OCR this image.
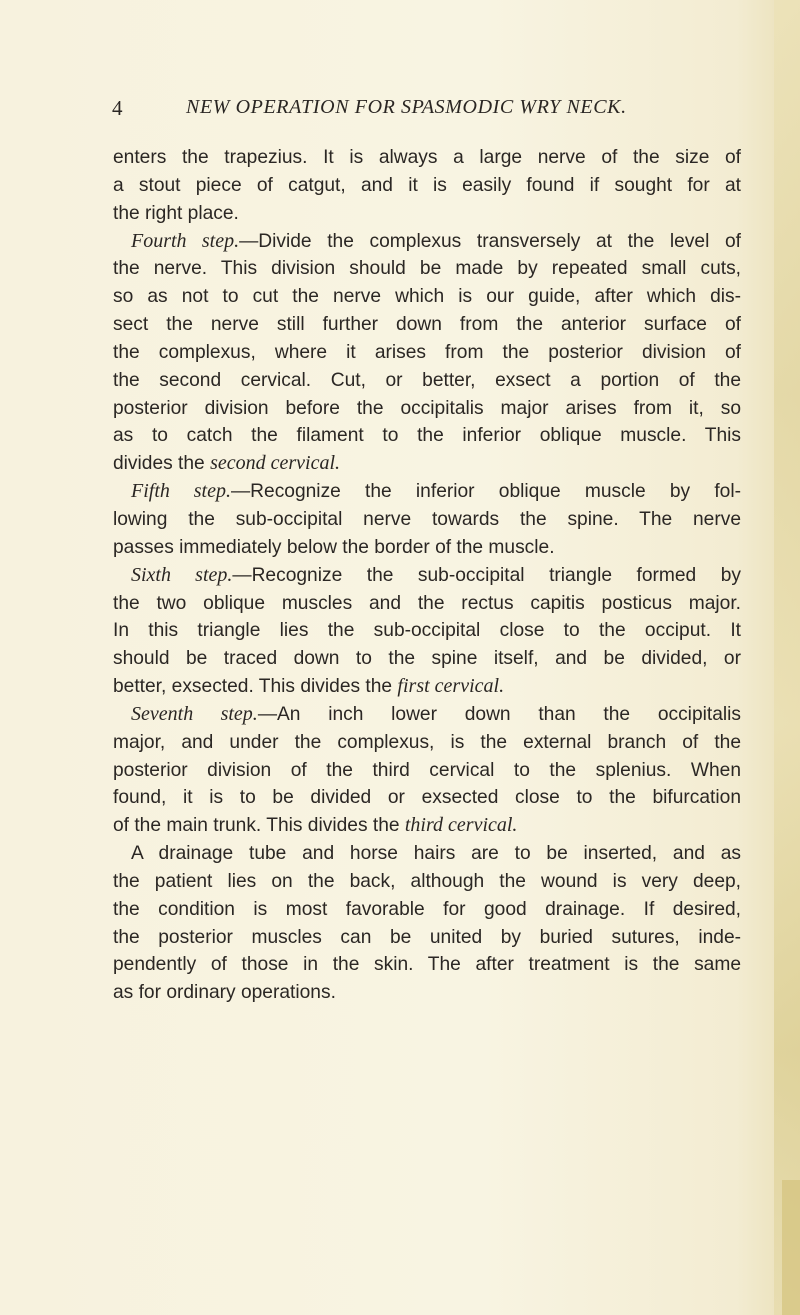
4	NEW OPERATION FOR SPASMODIC WRY NECK.
enters the trapezius. It is always a large nerve of the size of
a stout piece of catgut, and it is easily found if sought for at
the right place.
Fourth step.—Divide the complexus transversely at the level of
the nerve. This division should be made by repeated small cuts,
so as not to cut the nerve which is our guide, after which dis-
sect the nerve still further down from the anterior surface of
the complexus, where it arises from the posterior division of
the second cervical. Cut, or better, exsect a portion of the
posterior division before the occipitalis major arises from it, so
as to catch the filament to the inferior oblique muscle. This
divides the second cervical.
Fifth step.—Recognize the inferior oblique muscle by fol-
lowing the sub-occipital nerve towards the spine. The nerve
passes immediately below the border of the muscle.
Sixth step.—Recognize the sub-occipital triangle formed by
the two oblique muscles and the rectus capitis posticus major.
In this triangle lies the sub-occipital close to the occiput. It
should be traced down to the spine itself, and be divided, or
better, exsected. This divides the first cervical.
Seventh step.—An inch lower down than the occipitalis
major, and under the complexus, is the external branch of the
posterior division of the third cervical to the splenius. When
found, it is to be divided or exsected close to the bifurcation
of the main trunk. This divides the third cervical.
A drainage tube and horse hairs are to be inserted, and as
the patient lies on the back, although the wound is very deep,
the condition is most favorable for good drainage. If desired,
the posterior muscles can be united by buried sutures, inde-
pendently of those in the skin. The after treatment is the same
as for ordinary operations.
